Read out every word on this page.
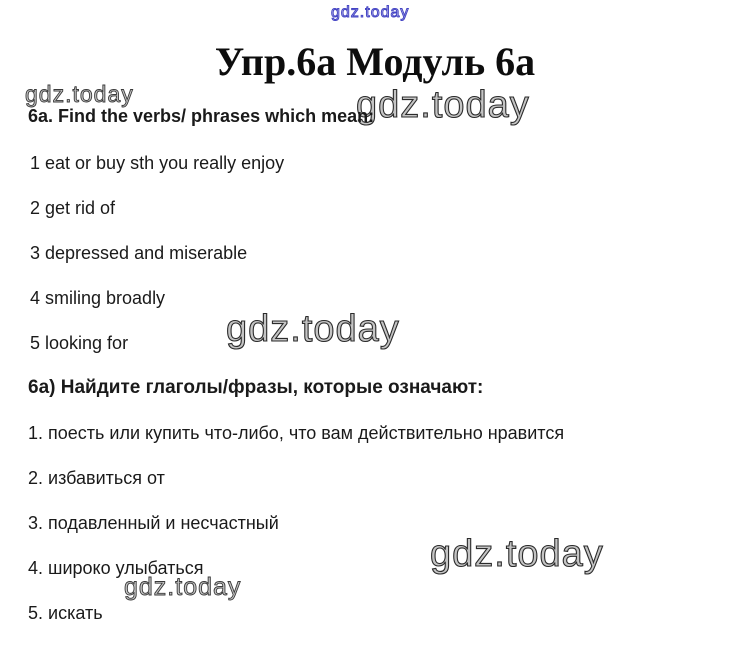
gdz.today
Упр.6а Модуль 6а
gdz.today	gdz.today
6a. Find the verbs/ phrases which mean:
1 eat or buy sth you really enjoy
2 get rid of
3 depressed and miserable
4 smiling broadly
5 looking for	gdz.today
6а) Найдите глаголы/фразы, которые означают:
1. поесть или купить что-либо, что вам действительно нравится
2. избавиться от
3. подавленный и несчастный
4. широко улыбаться
5. искать
gdz.today
gdz.today
